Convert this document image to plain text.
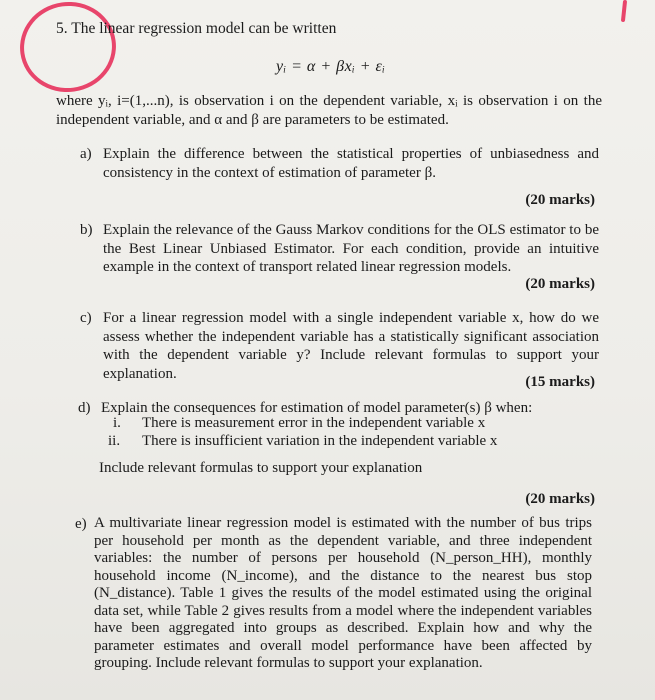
5. The linear regression model can be written
yᵢ = α + βxᵢ + εᵢ
where yᵢ, i=(1,...n), is observation i on the dependent variable, xᵢ is observation i on the independent variable, and α and β are parameters to be estimated.
a) Explain the difference between the statistical properties of unbiasedness and consistency in the context of estimation of parameter β.
(20 marks)
b) Explain the relevance of the Gauss Markov conditions for the OLS estimator to be the Best Linear Unbiased Estimator. For each condition, provide an intuitive example in the context of transport related linear regression models.
(20 marks)
c) For a linear regression model with a single independent variable x, how do we assess whether the independent variable has a statistically significant association with the dependent variable y? Include relevant formulas to support your explanation.
(15 marks)
d) Explain the consequences for estimation of model parameter(s) β when:
i. There is measurement error in the independent variable x
ii. There is insufficient variation in the independent variable x
Include relevant formulas to support your explanation
(20 marks)
e) A multivariate linear regression model is estimated with the number of bus trips per household per month as the dependent variable, and three independent variables: the number of persons per household (N_person_HH), monthly household income (N_income), and the distance to the nearest bus stop (N_distance). Table 1 gives the results of the model estimated using the original data set, while Table 2 gives results from a model where the independent variables have been aggregated into groups as described. Explain how and why the parameter estimates and overall model performance have been affected by grouping. Include relevant formulas to support your explanation.
